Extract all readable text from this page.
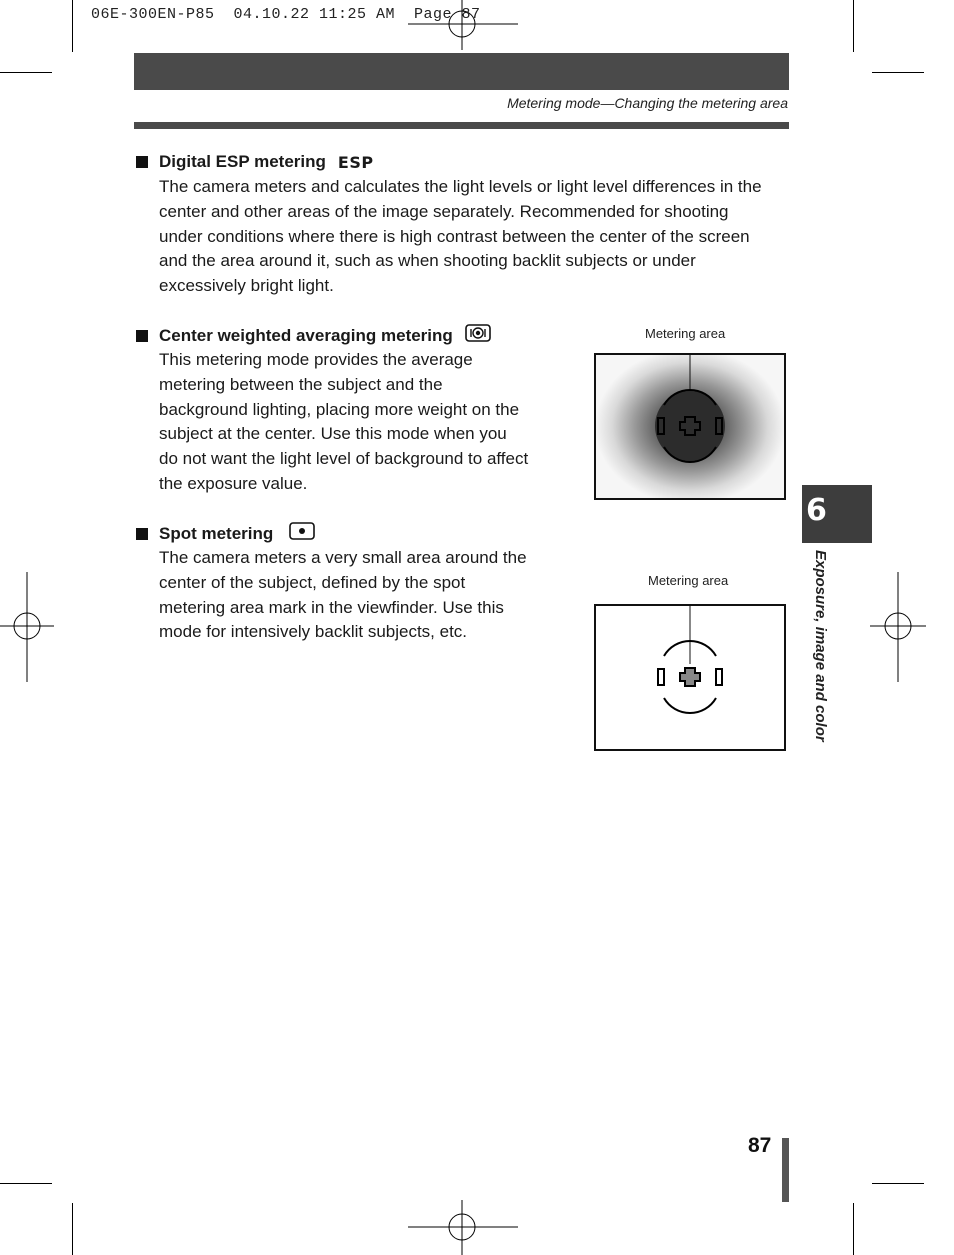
06E-300EN-P85  04.10.22 11:25 AM  Page 87
Metering mode—Changing the metering area
Digital ESP metering ESP
The camera meters and calculates the light levels or light level differences in the center and other areas of the image separately. Recommended for shooting under conditions where there is high contrast between the center of the screen and the area around it, such as when shooting backlit subjects or under excessively bright light.
Center weighted averaging metering
This metering mode provides the average metering between the subject and the background lighting, placing more weight on the subject at the center. Use this mode when you do not want the light level of background to affect the exposure value.
Spot metering
The camera meters a very small area around the center of the subject, defined by the spot metering area mark in the viewfinder. Use this mode for intensively backlit subjects, etc.
Metering area
Metering area
6
Exposure, image and color
87
